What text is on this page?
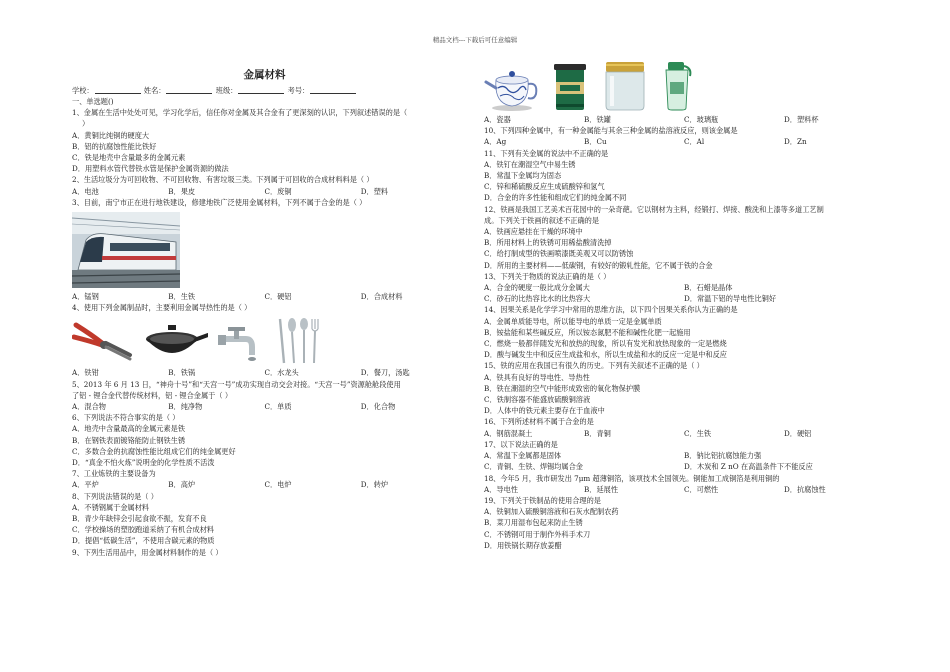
精品文档---下载后可任意编辑
金属材料
学校：	姓名：	班级：	考号：
一、单选题()
1、金属在生活中处处可见，学习化学后，信任你对金属及其合金有了更深刻的认识，下列叙述错误的是（
）
A．黄铜比纯铜的硬度大
B．铝的抗腐蚀性能比铁好
C．铁是地壳中含量最多的金属元素
D．用塑料水管代替铁水管是保护金属资源的做法
2、生活垃圾分为可回收物、不可回收物、有害垃圾三类。下列属于可回收的合成材料料是（ ）
A．电池	B．果皮	C．废铜	D．塑料
3、目前，南宁市正在进行地铁建设，修建地铁广泛使用金属材料，下列不属于合金的是（ ）
A．锰钢	B．生铁	C．硬铝	D．合成材料
4、使用下列金属制品时，主要利用金属导热性的是（ ）
A．铁钳	B．铁锅	C．水龙头	D．餐刀，汤匙
5、2013 年 6 月 13 日，“神舟十号”和“天宫一号”成功实现自动交会对接。“天宫一号”资源舱舱段使用
了铝 - 锂合金代替传统材料，铝 - 锂合金属于（ ）
A．混合物	B．纯净物	C．单质	D．化合物
6、下列说法不符合事实的是（ ）
A．地壳中含量最高的金属元素是铁
B．在钢铁表面镀铬能防止钢铁生锈
C．多数合金的抗腐蚀性能比组成它们的纯金属更好
D．“真金不怕火炼”说明金的化学性质不活泼
7、工业炼铁的主要设备为
A．平炉	B．高炉	C．电炉	D．转炉
8、下列说法错误的是（ ）
A．不锈钢属于金属材料
B．青少年缺锌会引起食欲不振，发育不良
C．学校操场的塑胶跑道采纳了有机合成材料
D．提倡“低碳生活”，不使用含碳元素的物质
9、下列生活用品中，用金属材料制作的是（ ）
A．瓷器	B．铁罐	C．玻璃瓶	D．塑料杯
10、下列四种金属中，有一种金属能与其余三种金属的盐溶液反应，则该金属是
A．Ag	B．Cu	C．Al	D．Zn
11、下列有关金属的说法中不正确的是
A．铁钉在潮湿空气中易生锈
B．常温下金属均为固态
C．锌和稀硫酸反应生成硫酸锌和氢气
D．合金的许多性能和组成它们的纯金属不同
12、铁画是我国工艺美术百花园中的一朵奇葩。它以钢材为主料，经锻打、焊接、酸洗和上漆等多道工艺制
成。下列关于铁画的叙述不正确的是
A．铁画应悬挂在干燥的环境中
B．所用材料上的铁锈可用稀盐酸清洗掉
C．给打制成型的铁画喷漆既美观又可以防锈蚀
D．所用的主要材料——低碳钢，有较好的锻轧性能，它不属于铁的合金
13、下列关于物质的说法正确的是（ ）
A．合金的硬度一般比成分金属大	B．石蜡是晶体
C．砂石的比热容比水的比热容大	D．常温下铝的导电性比铜好
14、因果关系是化学学习中常用的思维方法，以下四个因果关系你认为正确的是
A．金属单质能导电，所以能导电的单质一定是金属单质
B．铵盐能和某些碱反应，所以铵态氮肥不能和碱性化肥一起施用
C．燃烧一般都伴随发光和放热的现象，所以有发光和放热现象的一定是燃烧
D．酸与碱发生中和反应生成盐和水，所以生成盐和水的反应一定是中和反应
15、铁的应用在我国已有很久的历史。下列有关叙述不正确的是（ ）
A．铁具有良好的导电性、导热性
B．铁在潮湿的空气中能形成致密的氧化物保护膜
C．铁制容器不能盛放硫酸铜溶液
D．人体中的铁元素主要存在于血液中
16、下列所述材料不属于合金的是
A．钢筋混凝土	B．青铜	C．生铁	D．硬铝
17、以下说法正确的是
A．常温下金属都是固体	B．钠比铝抗腐蚀能力强
C．青铜、生铁、焊锡均属合金	D．木炭和 Z nO 在高温条件下不能反应
18、今年5 月，我市研发出 7μm 超薄铜箔，该项技术全国领先。铜能加工成铜箔是利用铜的
A．导电性	B．延展性	C．可燃性	D．抗腐蚀性
19、下列关于铁制品的使用合理的是
A．铁铜加入硫酸铜溶液和石灰水配制农药
B．菜刀用湿布包起来防止生锈
C．不锈钢可用于制作外科手术刀
D．用铁锅长期存放姜醋
